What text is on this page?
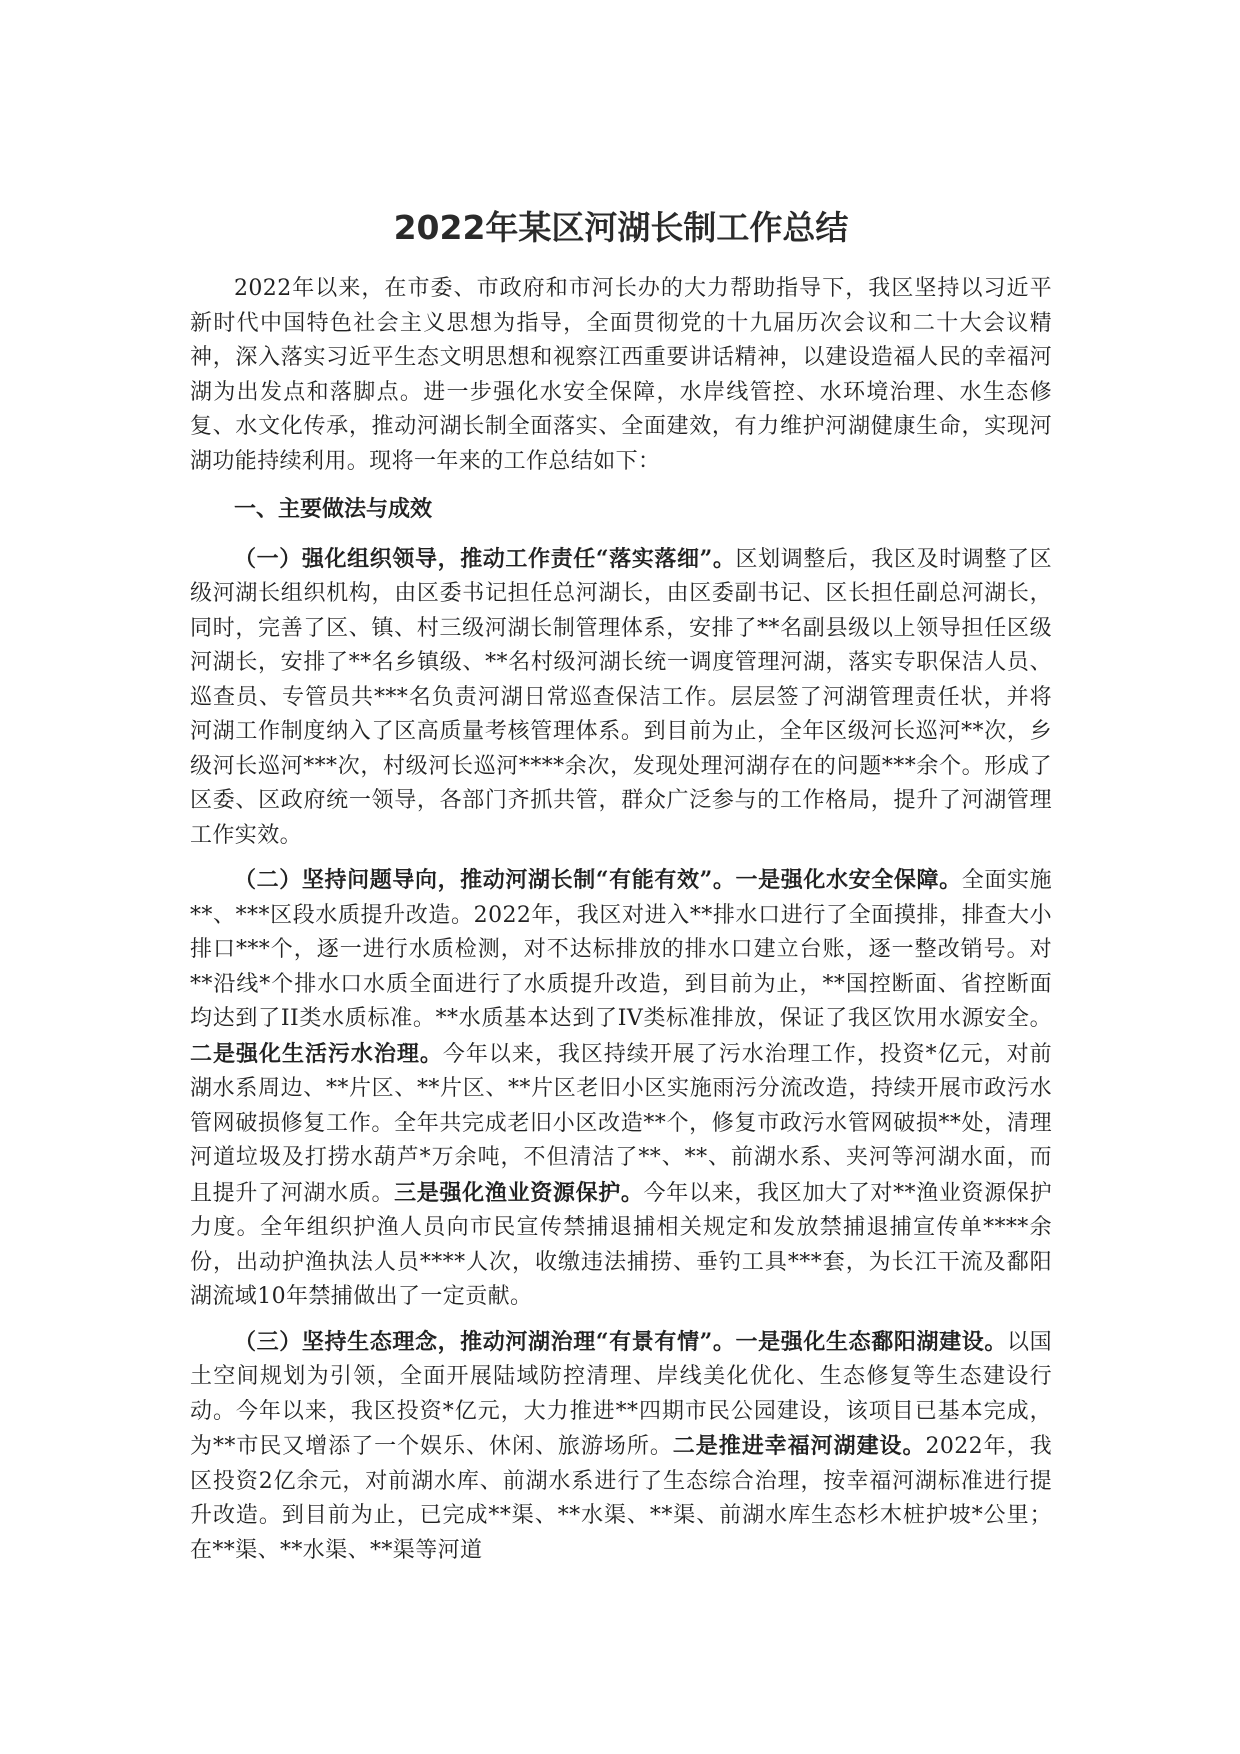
2022年某区河湖长制工作总结

2022年以来，在市委、市政府和市河长办的大力帮助指导下，我区坚持以习近平新时代中国特色社会主义思想为指导，全面贯彻党的十九届历次会议和二十大会议精神，深入落实习近平生态文明思想和视察江西重要讲话精神，以建设造福人民的幸福河湖为出发点和落脚点。进一步强化水安全保障，水岸线管控、水环境治理、水生态修复、水文化传承，推动河湖长制全面落实、全面建效，有力维护河湖健康生命，实现河湖功能持续利用。现将一年来的工作总结如下：

一、主要做法与成效

（一）强化组织领导，推动工作责任“落实落细”。区划调整后，我区及时调整了区级河湖长组织机构，由区委书记担任总河湖长，由区委副书记、区长担任副总河湖长，同时，完善了区、镇、村三级河湖长制管理体系，安排了**名副县级以上领导担任区级河湖长，安排了**名乡镇级、**名村级河湖长统一调度管理河湖，落实专职保洁人员、巡查员、专管员共***名负责河湖日常巡查保洁工作。层层签了河湖管理责任状，并将河湖工作制度纳入了区高质量考核管理体系。到目前为止，全年区级河长巡河**次，乡级河长巡河***次，村级河长巡河****余次，发现处理河湖存在的问题***余个。形成了区委、区政府统一领导，各部门齐抓共管，群众广泛参与的工作格局，提升了河湖管理工作实效。

（二）坚持问题导向，推动河湖长制“有能有效”。一是强化水安全保障。全面实施**、***区段水质提升改造。2022年，我区对进入**排水口进行了全面摸排，排查大小排口***个，逐一进行水质检测，对不达标排放的排水口建立台账，逐一整改销号。对**沿线*个排水口水质全面进行了水质提升改造，到目前为止，**国控断面、省控断面均达到了II类水质标准。**水质基本达到了IV类标准排放，保证了我区饮用水源安全。二是强化生活污水治理。今年以来，我区持续开展了污水治理工作，投资*亿元，对前湖水系周边、**片区、**片区、**片区老旧小区实施雨污分流改造，持续开展市政污水管网破损修复工作。全年共完成老旧小区改造**个，修复市政污水管网破损**处，清理河道垃圾及打捞水葫芦*万余吨，不但清洁了**、**、前湖水系、夹河等河湖水面，而且提升了河湖水质。三是强化渔业资源保护。今年以来，我区加大了对**渔业资源保护力度。全年组织护渔人员向市民宣传禁捕退捕相关规定和发放禁捕退捕宣传单****余份，出动护渔执法人员****人次，收缴违法捕捞、垂钓工具***套，为长江干流及鄱阳湖流域10年禁捕做出了一定贡献。

（三）坚持生态理念，推动河湖治理“有景有情”。一是强化生态鄱阳湖建设。以国土空间规划为引领，全面开展陆域防控清理、岸线美化优化、生态修复等生态建设行动。今年以来，我区投资*亿元，大力推进**四期市民公园建设，该项目已基本完成，为**市民又增添了一个娱乐、休闲、旅游场所。二是推进幸福河湖建设。2022年，我区投资2亿余元，对前湖水库、前湖水系进行了生态综合治理，按幸福河湖标准进行提升改造。到目前为止，已完成**渠、**水渠、**渠、前湖水库生态杉木桩护坡*公里；在**渠、**水渠、**渠等河道
